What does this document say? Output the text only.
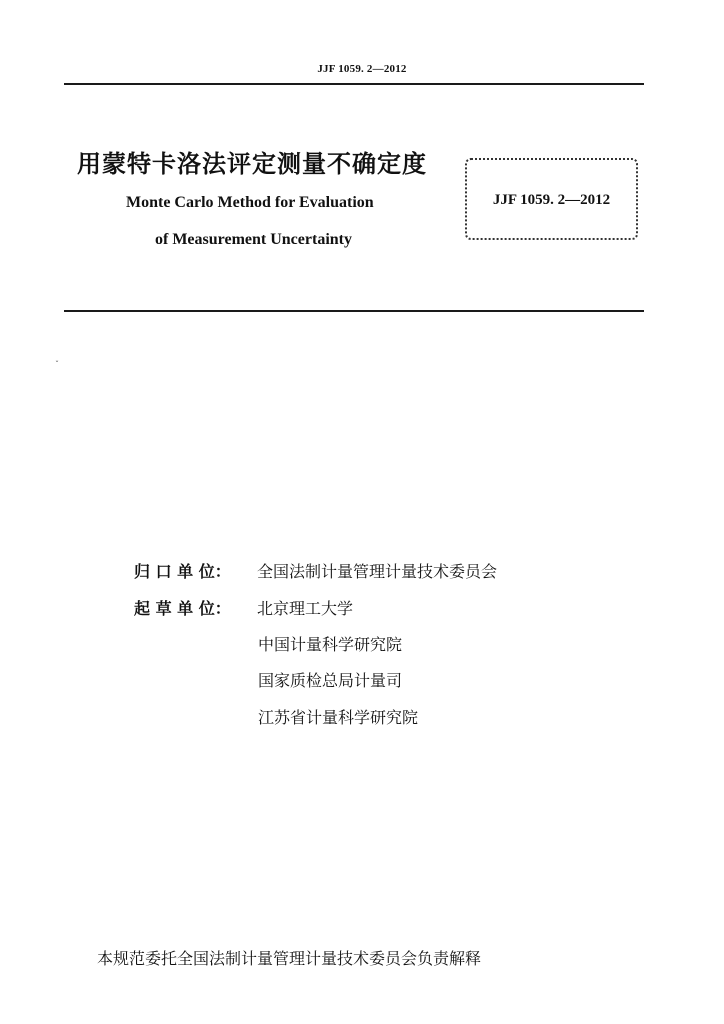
JJF 1059. 2—2012
用蒙特卡洛法评定测量不确定度
Monte Carlo Method for Evaluation
of Measurement Uncertainty
JJF 1059. 2—2012
ˇ
归 口 单 位： 全国法制计量管理计量技术委员会
起 草 单 位： 北京理工大学
中国计量科学研究院
国家质检总局计量司
江苏省计量科学研究院
本规范委托全国法制计量管理计量技术委员会负责解释
